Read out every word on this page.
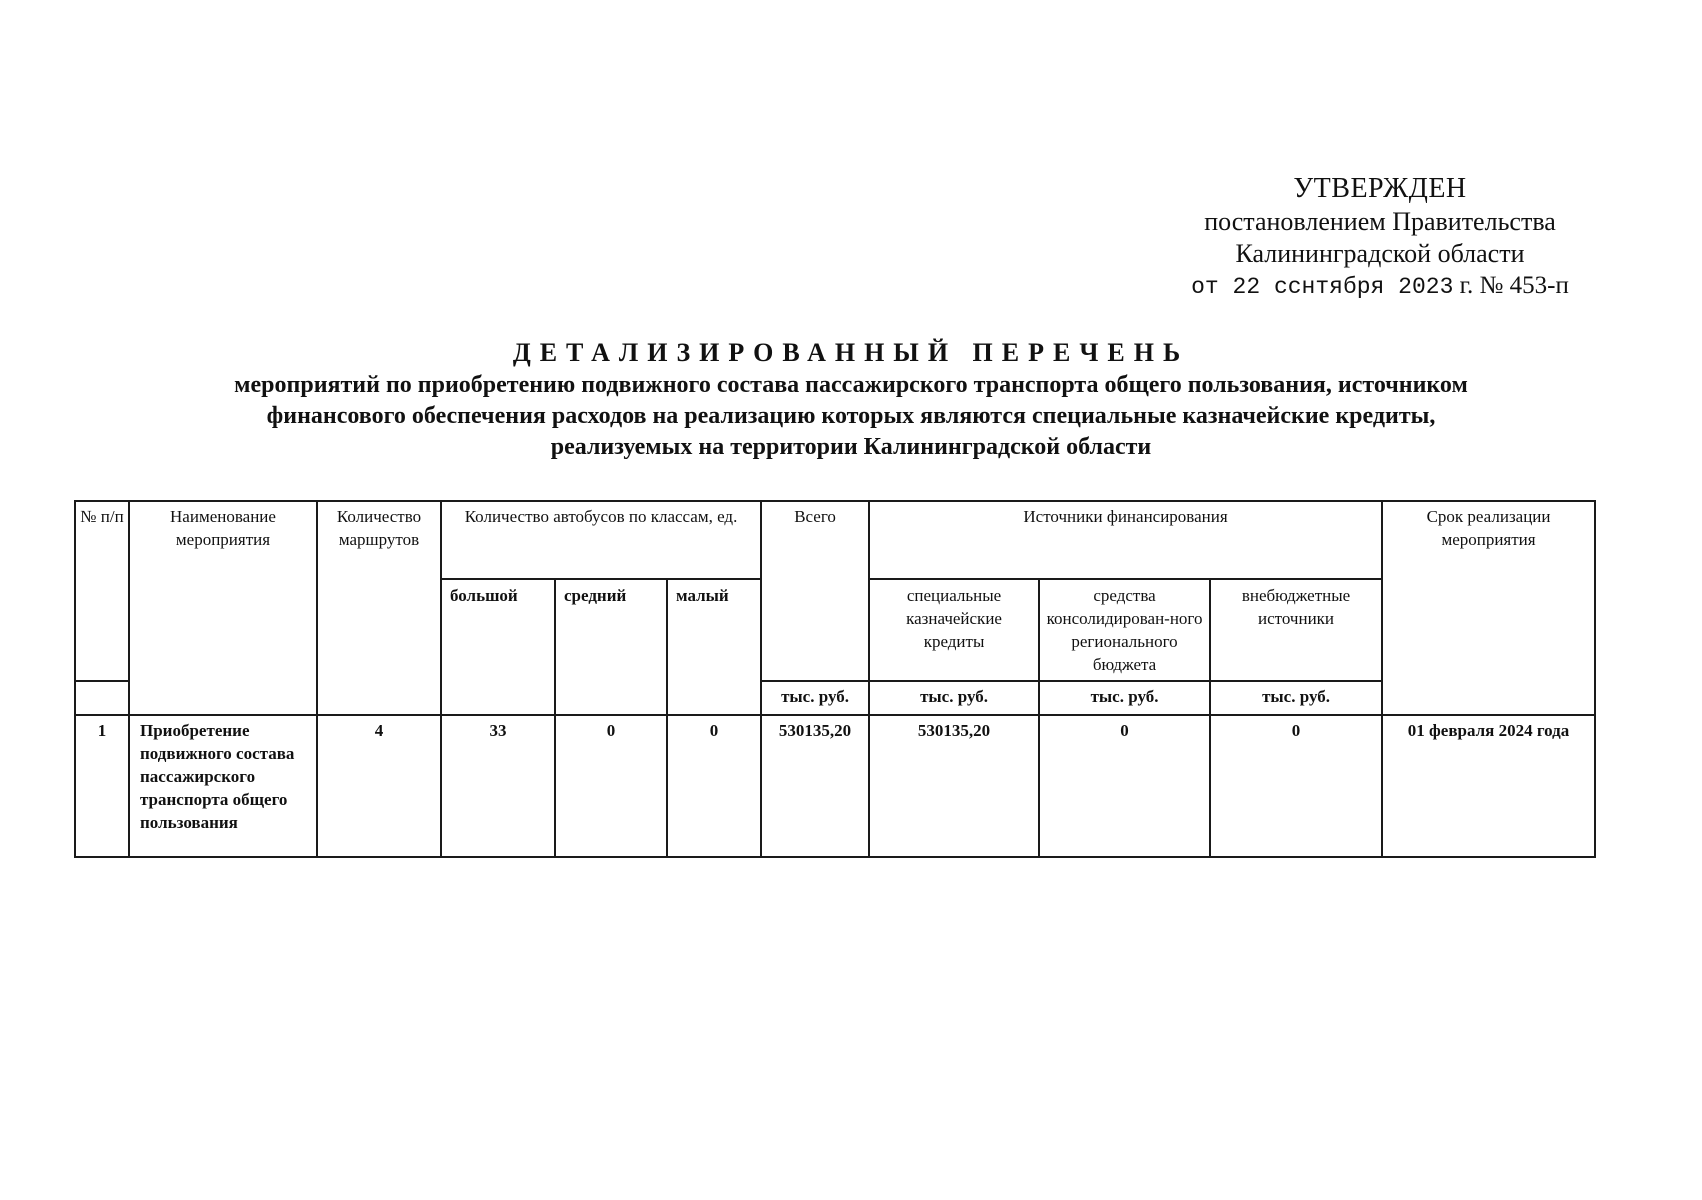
УТВЕРЖДЕН
постановлением Правительства
Калининградской области
от 22 сснтября 2023 г. № 453-п
ДЕТАЛИЗИРОВАННЫЙ ПЕРЕЧЕНЬ
мероприятий по приобретению подвижного состава пассажирского транспорта общего пользования, источником
финансового обеспечения расходов на реализацию которых являются специальные казначейские кредиты,
реализуемых на территории Калининградской области
№ п/п	Наименование мероприятия	Количество маршрутов	Количество автобусов по классам, ед.			Всего	Источники финансирования			Срок реализации мероприятия
			большой	средний	малый		специальные казначейские кредиты	средства консолидирован-ного регионального бюджета	внебюджетные источники	
						тыс. руб.	тыс. руб.	тыс. руб.	тыс. руб.	
1	Приобретение подвижного состава пассажирского транспорта общего пользования	4	33	0	0	530135,20	530135,20	0	0	01 февраля 2024 года
